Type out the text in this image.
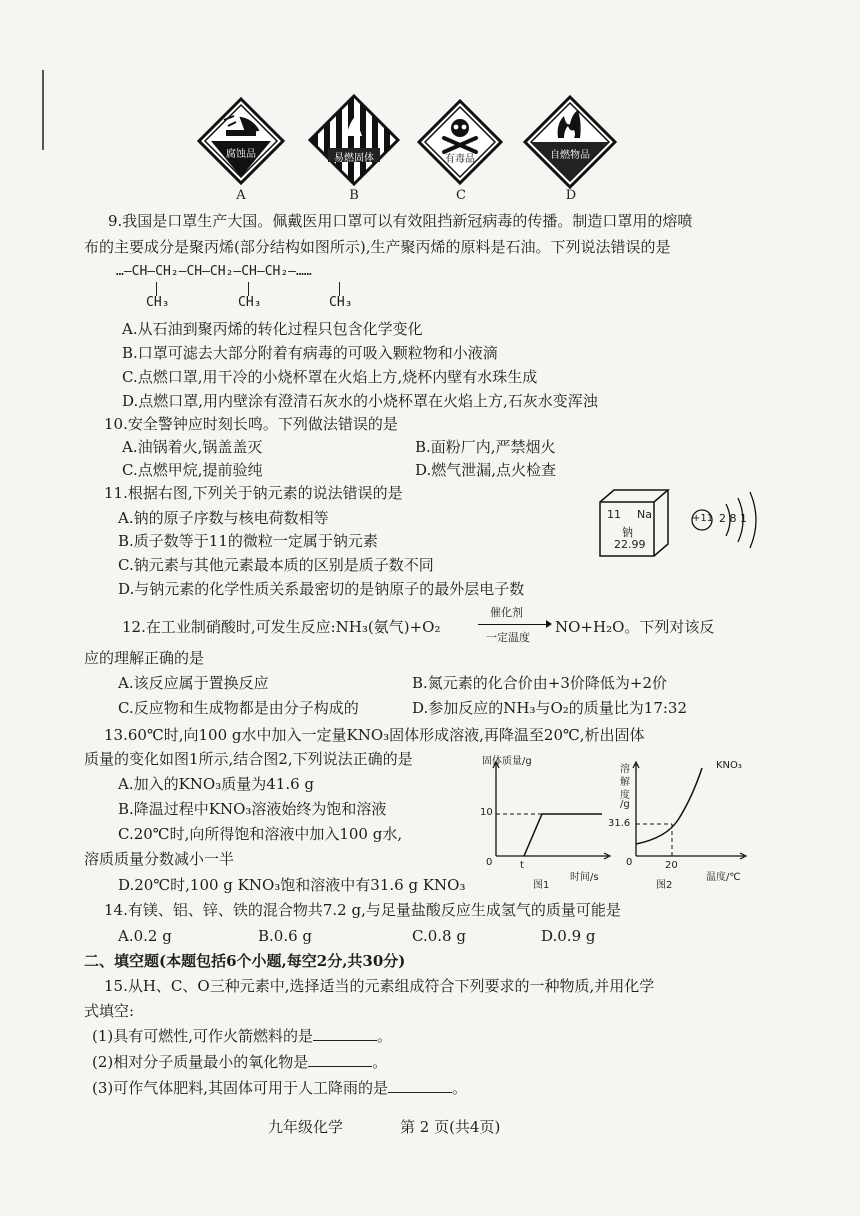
腐蚀品	易燃固体	有毒品	自燃物品
A	B	C	D
9.我国是口罩生产大国。佩戴医用口罩可以有效阻挡新冠病毒的传播。制造口罩用的熔喷
布的主要成分是聚丙烯(部分结构如图所示),生产聚丙烯的原料是石油。下列说法错误的是
…—CH—CH₂—CH—CH₂—CH—CH₂—……
CH₃	CH₃	CH₃
A.从石油到聚丙烯的转化过程只包含化学变化
B.口罩可滤去大部分附着有病毒的可吸入颗粒物和小液滴
C.点燃口罩,用干冷的小烧杯罩在火焰上方,烧杯内壁有水珠生成
D.点燃口罩,用内壁涂有澄清石灰水的小烧杯罩在火焰上方,石灰水变浑浊
10.安全警钟应时刻长鸣。下列做法错误的是
A.油锅着火,锅盖盖灭	B.面粉厂内,严禁烟火
C.点燃甲烷,提前验纯	D.燃气泄漏,点火检查
11.根据右图,下列关于钠元素的说法错误的是
A.钠的原子序数与核电荷数相等
B.质子数等于11的微粒一定属于钠元素
C.钠元素与其他元素最本质的区别是质子数不同
D.与钠元素的化学性质关系最密切的是钠原子的最外层电子数
11 Na
钠
22.99
+11 2 8 1
12.在工业制硝酸时,可发生反应:NH₃(氨气)+O₂
催化剂
一定温度
NO+H₂O。下列对该反
应的理解正确的是
A.该反应属于置换反应	B.氮元素的化合价由+3价降低为+2价
C.反应物和生成物都是由分子构成的	D.参加反应的NH₃与O₂的质量比为17:32
13.60℃时,向100 g水中加入一定量KNO₃固体形成溶液,再降温至20℃,析出固体
质量的变化如图1所示,结合图2,下列说法正确的是
A.加入的KNO₃质量为41.6 g
B.降温过程中KNO₃溶液始终为饱和溶液
C.20℃时,向所得饱和溶液中加入100 g水,
溶质质量分数减小一半
D.20℃时,100 g KNO₃饱和溶液中有31.6 g KNO₃
固体质量/g
10
0	t
时间/s
图1
溶
解
度
/g
KNO₃
31.6
0	20
温度/℃
图2
14.有镁、铝、锌、铁的混合物共7.2 g,与足量盐酸反应生成氢气的质量可能是
A.0.2 g	B.0.6 g	C.0.8 g	D.0.9 g
二、填空题(本题包括6个小题,每空2分,共30分)
15.从H、C、O三种元素中,选择适当的元素组成符合下列要求的一种物质,并用化学
式填空:
(1)具有可燃性,可作火箭燃料的是	。
(2)相对分子质量最小的氧化物是	。
(3)可作气体肥料,其固体可用于人工降雨的是	。
九年级化学	第 2 页(共4页)
